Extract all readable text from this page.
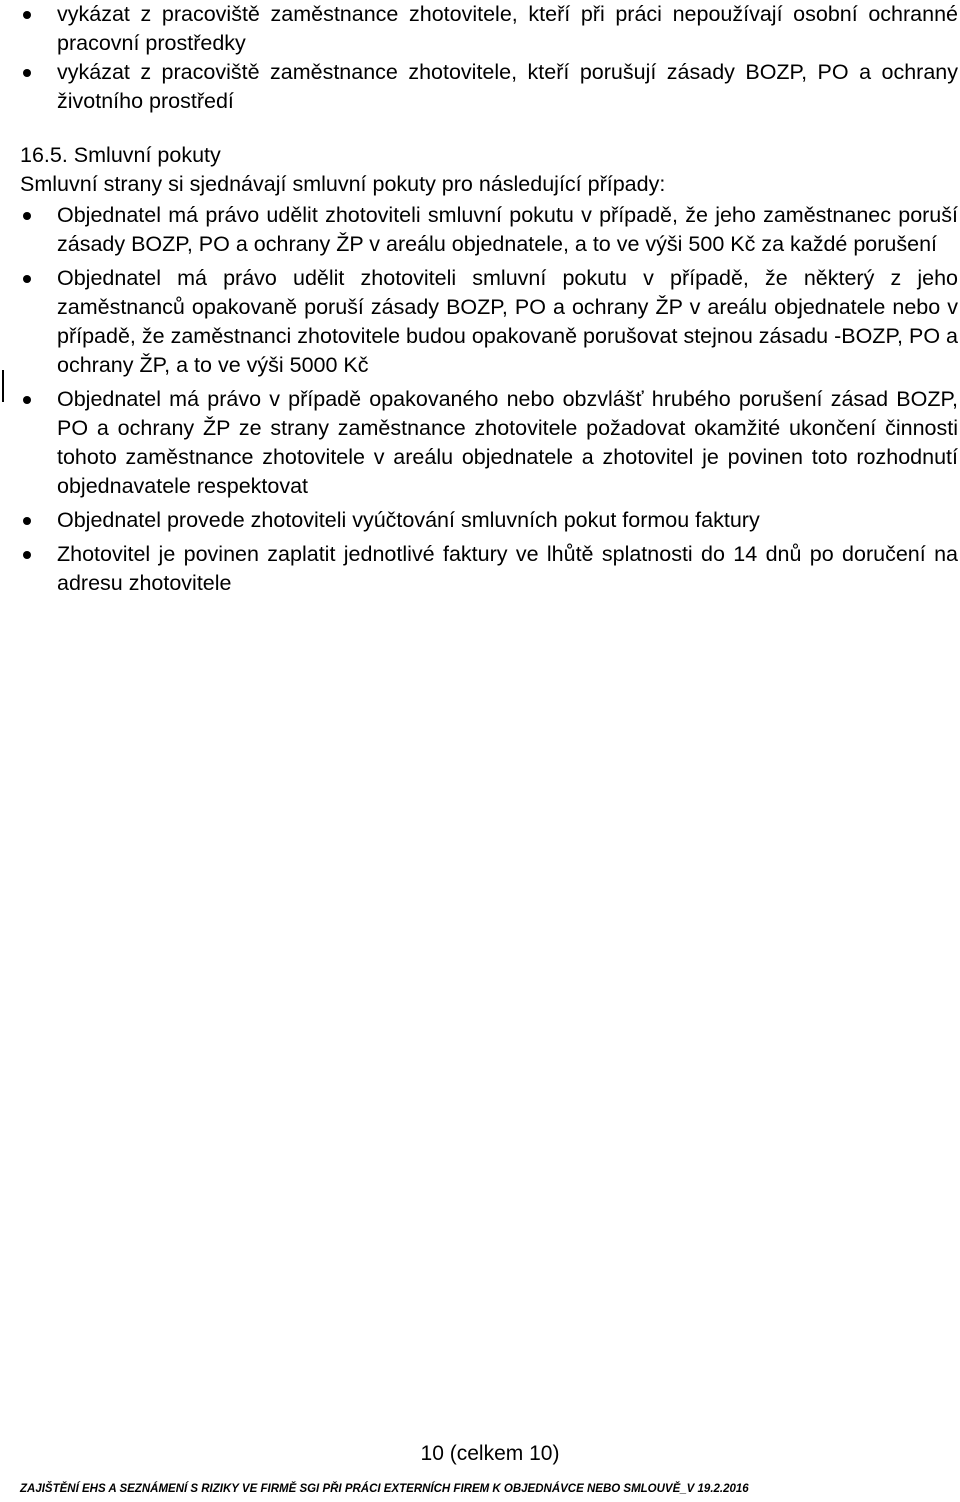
vykázat z pracoviště zaměstnance zhotovitele, kteří při práci nepoužívají osobní ochranné pracovní prostředky
vykázat z pracoviště zaměstnance zhotovitele, kteří porušují zásady BOZP, PO a ochrany životního prostředí
16.5. Smluvní pokuty

Smluvní strany si sjednávají smluvní pokuty pro následující případy:

Objednatel má právo udělit zhotoviteli smluvní pokutu v případě, že jeho zaměstnanec poruší zásady BOZP, PO a ochrany ŽP v areálu objednatele, a to ve výši 500 Kč za každé porušení
Objednatel má právo udělit zhotoviteli smluvní pokutu v případě, že některý z jeho zaměstnanců opakovaně poruší zásady BOZP, PO a ochrany ŽP v areálu objednatele nebo v případě, že zaměstnanci zhotovitele budou opakovaně porušovat stejnou zásadu -BOZP, PO a ochrany ŽP, a to ve výši 5000 Kč
Objednatel má právo v případě opakovaného nebo obzvlášť hrubého porušení zásad BOZP, PO a ochrany ŽP ze strany zaměstnance zhotovitele požadovat okamžité ukončení činnosti tohoto zaměstnance zhotovitele v areálu objednatele a zhotovitel je povinen toto rozhodnutí objednavatele respektovat
Objednatel provede zhotoviteli vyúčtování smluvních pokut formou faktury
Zhotovitel je povinen zaplatit jednotlivé faktury ve lhůtě splatnosti do 14 dnů po doručení na adresu zhotovitele
10 (celkem 10)
ZAJIŠTĚNÍ EHS A SEZNÁMENÍ S RIZIKY VE FIRMĚ SGI PŘI PRÁCI EXTERNÍCH FIREM K OBJEDNÁVCE NEBO SMLOUVĚ_V 19.2.2016
